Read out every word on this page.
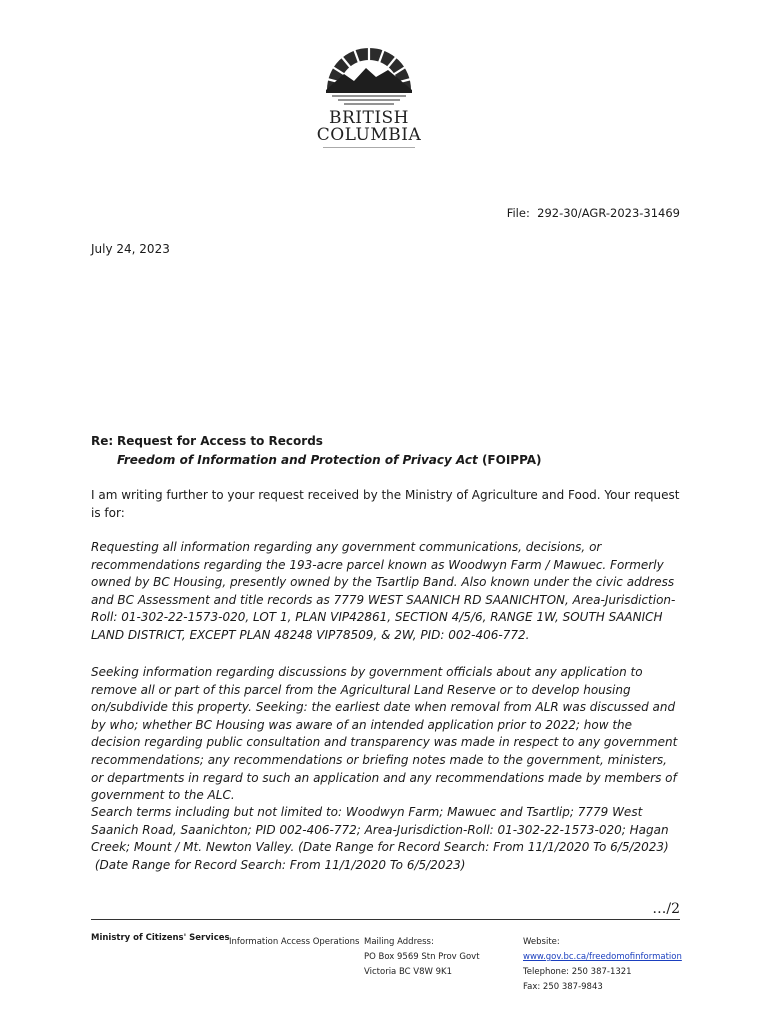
BRITISH
COLUMBIA
File: 292-30/AGR-2023-31469
July 24, 2023
Re: Request for Access to Records
Freedom of Information and Protection of Privacy Act (FOIPPA)
I am writing further to your request received by the Ministry of Agriculture and Food. Your request is for:
Requesting all information regarding any government communications, decisions, or recommendations regarding the 193-acre parcel known as Woodwyn Farm / Mawuec. Formerly owned by BC Housing, presently owned by the Tsartlip Band. Also known under the civic address and BC Assessment and title records as 7779 WEST SAANICH RD SAANICHTON, Area-Jurisdiction-Roll: 01-302-22-1573-020, LOT 1, PLAN VIP42861, SECTION 4/5/6, RANGE 1W, SOUTH SAANICH LAND DISTRICT, EXCEPT PLAN 48248 VIP78509, & 2W, PID: 002-406-772.
Seeking information regarding discussions by government officials about any application to remove all or part of this parcel from the Agricultural Land Reserve or to develop housing on/subdivide this property. Seeking: the earliest date when removal from ALR was discussed and by who; whether BC Housing was aware of an intended application prior to 2022; how the decision regarding public consultation and transparency was made in respect to any government recommendations; any recommendations or briefing notes made to the government, ministers, or departments in regard to such an application and any recommendations made by members of government to the ALC.
Search terms including but not limited to: Woodwyn Farm; Mawuec and Tsartlip; 7779 West Saanich Road, Saanichton; PID 002-406-772; Area-Jurisdiction-Roll: 01-302-22-1573-020; Hagan Creek; Mount / Mt. Newton Valley. (Date Range for Record Search: From 11/1/2020 To 6/5/2023)
(Date Range for Record Search: From 11/1/2020 To 6/5/2023)
…/2
Ministry of Citizens' Services Information Access Operations Mailing Address:
PO Box 9569 Stn Prov Govt
Victoria BC V8W 9K1
Website:
www.gov.bc.ca/freedomofinformation
Telephone: 250 387-1321
Fax: 250 387-9843
